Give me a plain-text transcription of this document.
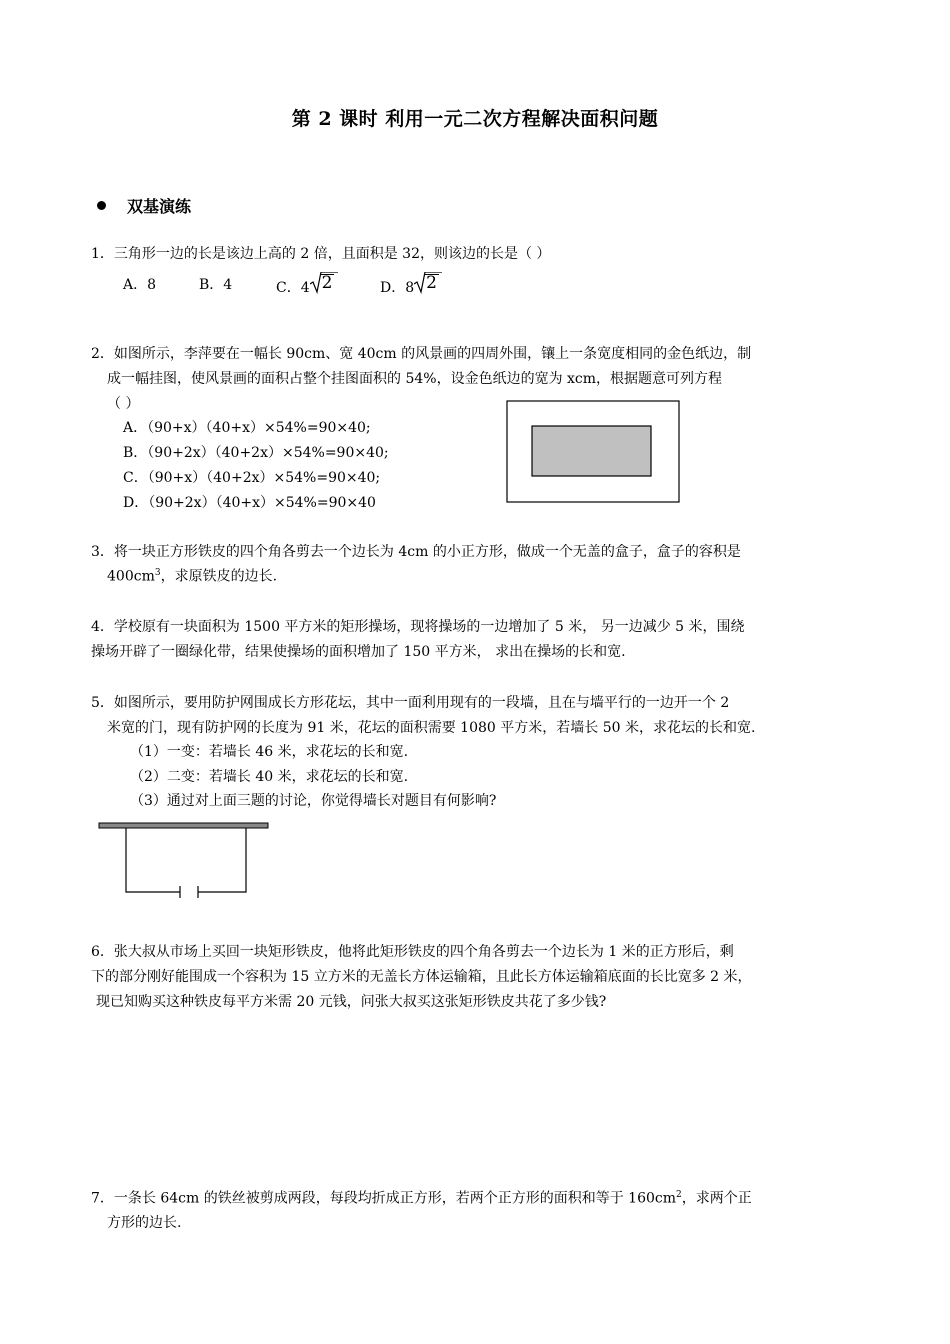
第 2 课时 利用一元二次方程解决面积问题
双基演练
1．三角形一边的长是该边上高的 2 倍，且面积是 32，则该边的长是（ ）
A．8	B．4	C．4 2	D．8 2
2．如图所示，李萍要在一幅长 90cm、宽 40cm 的风景画的四周外围，镶上一条宽度相同的金色纸边，制
成一幅挂图，使风景画的面积占整个挂图面积的 54%，设金色纸边的宽为 xcm，根据题意可列方程
（ ）
A．（90+x）（40+x）×54%=90×40;
B．（90+2x）（40+2x）×54%=90×40;
C．（90+x）（40+2x）×54%=90×40;
D．（90+2x）（40+x）×54%=90×40
3．将一块正方形铁皮的四个角各剪去一个边长为 4cm 的小正方形，做成一个无盖的盒子，盒子的容积是
$400cm^3$，求原铁皮的边长.
4．学校原有一块面积为 1500 平方米的矩形操场，现将操场的一边增加了 5 米， 另一边减少 5 米，围绕
操场开辟了一圈绿化带，结果使操场的面积增加了 150 平方米， 求出在操场的长和宽.
5．如图所示，要用防护网围成长方形花坛，其中一面利用现有的一段墙，且在与墙平行的一边开一个 2
米宽的门，现有防护网的长度为 91 米，花坛的面积需要 1080 平方米，若墙长 50 米，求花坛的长和宽.
（1）一变：若墙长 46 米，求花坛的长和宽.
（2）二变：若墙长 40 米，求花坛的长和宽.
（3）通过对上面三题的讨论，你觉得墙长对题目有何影响?
6．张大叔从市场上买回一块矩形铁皮，他将此矩形铁皮的四个角各剪去一个边长为 1 米的正方形后，剩
下的部分刚好能围成一个容积为 15 立方米的无盖长方体运输箱，且此长方体运输箱底面的长比宽多 2 米，
现已知购买这种铁皮每平方米需 20 元钱，问张大叔买这张矩形铁皮共花了多少钱?
7．一条长 64cm 的铁丝被剪成两段，每段均折成正方形，若两个正方形的面积和等于 $160cm^2$，求两个正
方形的边长.
